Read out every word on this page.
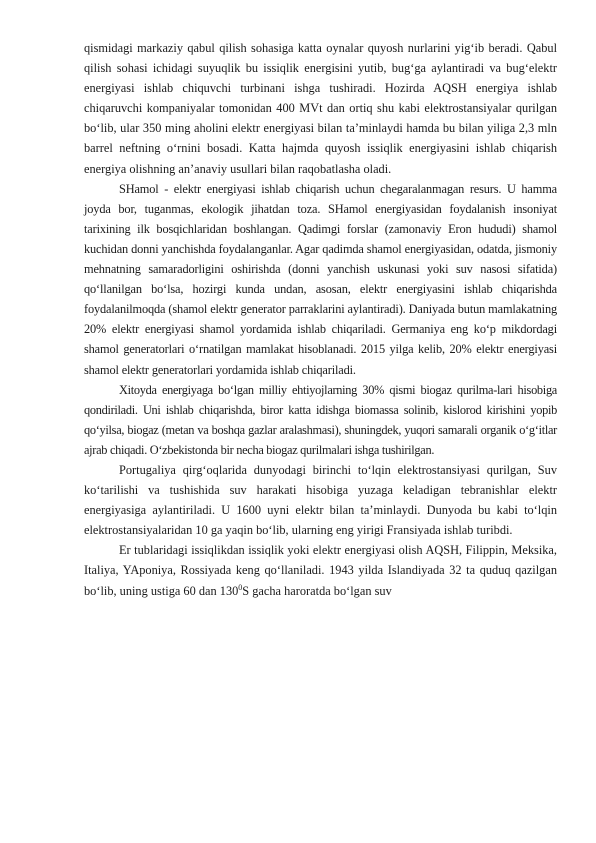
qismidagi markaziy qabul qilish sohasiga katta oynalar quyosh nurlarini yig‘ib beradi. Qabul qilish sohasi ichidagi suyuqlik bu issiqlik energisini yutib, bug‘ga aylantiradi va bug‘elektr energiyasi ishlab chiquvchi turbinani ishga tushiradi. Hozirda AQSH energiya ishlab chiqaruvchi kompaniyalar tomonidan 400 MVt dan ortiq shu kabi elektrostansiyalar qurilgan bo‘lib, ular 350 ming aholini elektr energiyasi bilan ta’minlaydi hamda bu bilan yiliga 2,3 mln barrel neftning o‘rnini bosadi. Katta hajmda quyosh issiqlik energiyasini ishlab chiqarish energiya olishning an’anaviy usullari bilan raqobatlasha oladi.

SHamol - elektr energiyasi ishlab chiqarish uchun chegaralanmagan resurs. U hamma joyda bor, tuganmas, ekologik jihatdan toza. SHamol energiyasidan foydalanish insoniyat tarixining ilk bosqichlaridan boshlangan. Qadimgi forslar (zamonaviy Eron hududi) shamol kuchidan donni yanchishda foydalanganlar. Agar qadimda shamol energiyasidan, odatda, jismoniy mehnatning samaradorligini oshirishda (donni yanchish uskunasi yoki suv nasosi sifatida) qo‘llanilgan bo‘lsa, hozirgi kunda undan, asosan, elektr energiyasini ishlab chiqarishda foydalanilmoqda (shamol elektr generator parraklarini aylantiradi). Daniyada butun mamlakatning 20% elektr energiyasi shamol yordamida ishlab chiqariladi. Germaniya eng ko‘p mikdordagi shamol generatorlari o‘rnatilgan mamlakat hisoblanadi. 2015 yilga kelib, 20% elektr energiyasi shamol elektr generatorlari yordamida ishlab chiqariladi.

Xitoyda energiyaga bo‘lgan milliy ehtiyojlarning 30% qismi biogaz qurilma-lari hisobiga qondiriladi. Uni ishlab chiqarishda, biror katta idishga biomassa solinib, kislorod kirishini yopib qo‘yilsa, biogaz (metan va boshqa gazlar aralashmasi), shuningdek, yuqori samarali organik o‘g‘itlar ajrab chiqadi. O‘zbekistonda bir necha biogaz qurilmalari ishga tushirilgan.

Portugaliya qirg‘oqlarida dunyodagi birinchi to‘lqin elektrostansiyasi qurilgan, Suv ko‘tarilishi va tushishida suv harakati hisobiga yuzaga keladigan tebranishlar elektr energiyasiga aylantiriladi. U 1600 uyni elektr bilan ta’minlaydi. Dunyoda bu kabi to‘lqin elektrostansiyalaridan 10 ga yaqin bo‘lib, ularning eng yirigi Fransiyada ishlab turibdi.

Er tublaridagi issiqlikdan issiqlik yoki elektr energiyasi olish AQSH, Filippin, Meksika, Italiya, YAponiya, Rossiyada keng qo‘llaniladi. 1943 yilda Islandiyada 32 ta quduq qazilgan bo‘lib, uning ustiga 60 dan $130^0S$ gacha haroratda bo‘lgan suv
